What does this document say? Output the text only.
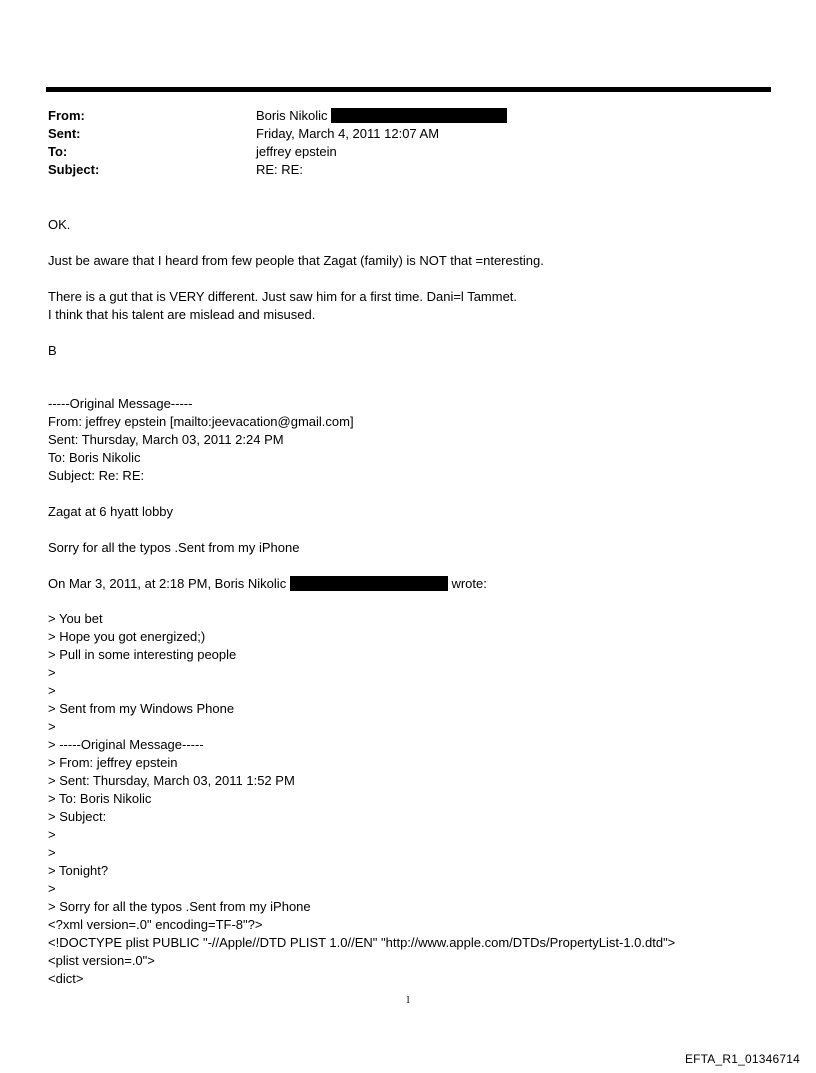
From:	Boris Nikolic
Sent:	Friday, March 4, 2011 12:07 AM
To:	jeffrey epstein
Subject:	RE: RE:
OK.
Just be aware that I heard from few people that Zagat (family) is NOT that =nteresting.
There is a gut that is VERY different. Just saw him for a first time. Dani=l Tammet.
I think that his talent are mislead and misused.
B
-----Original Message-----
From: jeffrey epstein [mailto:jeevacation@gmail.com]
Sent: Thursday, March 03, 2011 2:24 PM
To: Boris Nikolic
Subject: Re: RE:
Zagat at 6 hyatt lobby
Sorry for all the typos .Sent from my iPhone
On Mar 3, 2011, at 2:18 PM, Boris Nikolic	wrote:
> You bet
> Hope you got energized;)
> Pull in some interesting people
>
>
> Sent from my Windows Phone
>
> -----Original Message-----
> From: jeffrey epstein
> Sent: Thursday, March 03, 2011 1:52 PM
> To: Boris Nikolic
> Subject:
>
>
> Tonight?
>
> Sorry for all the typos .Sent from my iPhone
<?xml version=.0" encoding=TF-8"?>
<!DOCTYPE plist PUBLIC "-//Apple//DTD PLIST 1.0//EN" "http://www.apple.com/DTDs/PropertyList-1.0.dtd">
<plist version=.0">
<dict>
1
EFTA_R1_01346714
